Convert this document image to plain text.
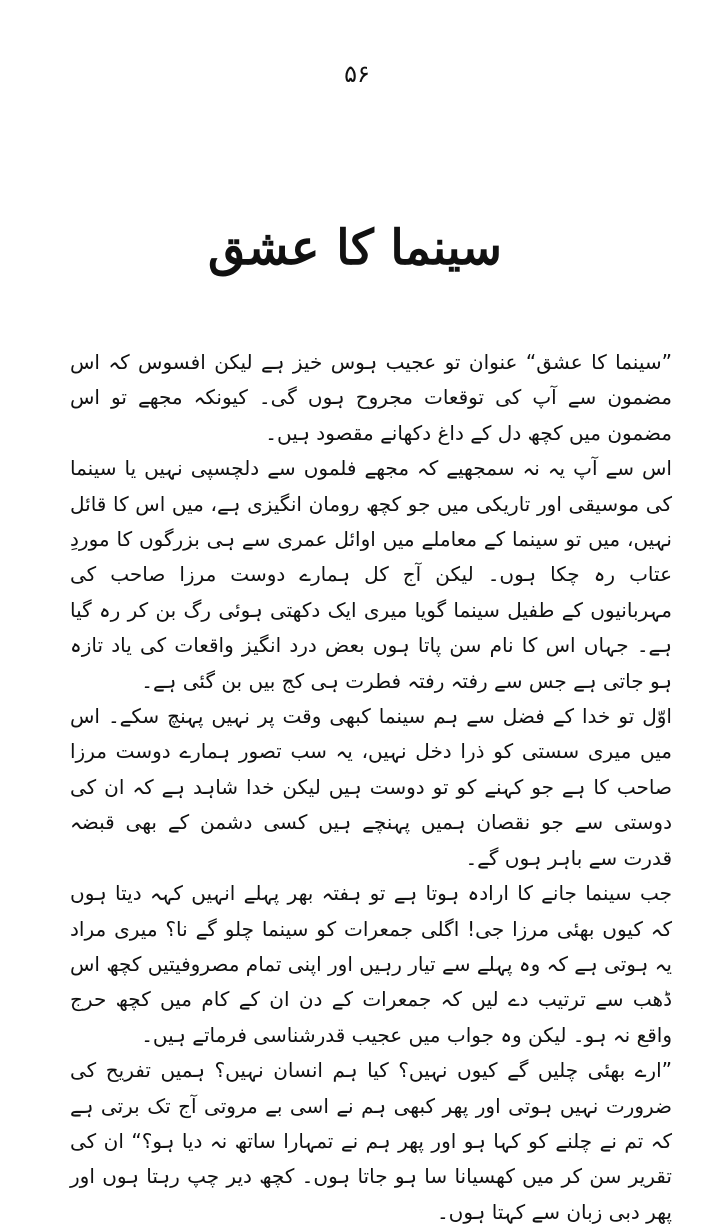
۵۶
سینما کا عشق

”سینما کا عشق“ عنوان تو عجیب ہوس خیز ہے لیکن افسوس کہ اس مضمون سے آپ کی توقعات مجروح ہوں گی۔ کیونکہ مجھے تو اس مضمون میں کچھ دل کے داغ دکھانے مقصود ہیں۔

اس سے آپ یہ نہ سمجھیے کہ مجھے فلموں سے دلچسپی نہیں یا سینما کی موسیقی اور تاریکی میں جو کچھ رومان انگیزی ہے، میں اس کا قائل نہیں، میں تو سینما کے معاملے میں اوائل عمری سے ہی بزرگوں کا موردِ عتاب رہ چکا ہوں۔ لیکن آج کل ہمارے دوست مرزا صاحب کی مہربانیوں کے طفیل سینما گویا میری ایک دکھتی ہوئی رگ بن کر رہ گیا ہے۔ جہاں اس کا نام سن پاتا ہوں بعض درد انگیز واقعات کی یاد تازہ ہو جاتی ہے جس سے رفتہ رفتہ فطرت ہی کج بیں بن گئی ہے۔

اوّل تو خدا کے فضل سے ہم سینما کبھی وقت پر نہیں پہنچ سکے۔ اس میں میری سستی کو ذرا دخل نہیں، یہ سب تصور ہمارے دوست مرزا صاحب کا ہے جو کہنے کو تو دوست ہیں لیکن خدا شاہد ہے کہ ان کی دوستی سے جو نقصان ہمیں پہنچے ہیں کسی دشمن کے بھی قبضہ قدرت سے باہر ہوں گے۔

جب سینما جانے کا ارادہ ہوتا ہے تو ہفتہ بھر پہلے انہیں کہہ دیتا ہوں کہ کیوں بھئی مرزا جی! اگلی جمعرات کو سینما چلو گے نا؟ میری مراد یہ ہوتی ہے کہ وہ پہلے سے تیار رہیں اور اپنی تمام مصروفیتیں کچھ اس ڈھب سے ترتیب دے لیں کہ جمعرات کے دن ان کے کام میں کچھ حرج واقع نہ ہو۔ لیکن وہ جواب میں عجیب قدرشناسی فرماتے ہیں۔

”ارے بھئی چلیں گے کیوں نہیں؟ کیا ہم انسان نہیں؟ ہمیں تفریح کی ضرورت نہیں ہوتی اور پھر کبھی ہم نے اسی بے مروتی آج تک برتی ہے کہ تم نے چلنے کو کہا ہو اور پھر ہم نے تمہارا ساتھ نہ دیا ہو؟“ ان کی تقریر سن کر میں کھسیانا سا ہو جاتا ہوں۔ کچھ دیر چپ رہتا ہوں اور پھر دبی زبان سے کہتا ہوں۔
